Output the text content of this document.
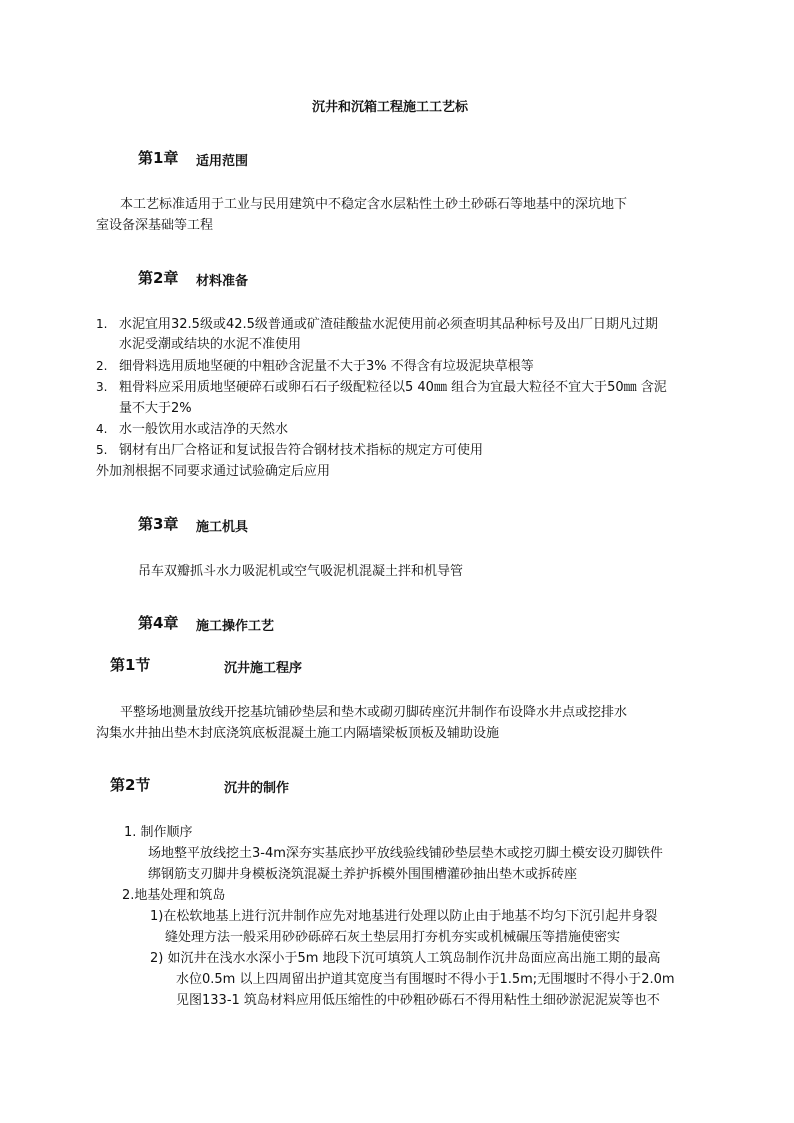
沉井和沉箱工程施工工艺标
第1章 适用范围
本工艺标准适用于工业与民用建筑中不稳定含水层粘性土砂土砂砾石等地基中的深坑地下
室设备深基础等工程
第2章 材料准备
1. 水泥宜用32.5级或42.5级普通或矿渣硅酸盐水泥使用前必须查明其品种标号及出厂日期凡过期
水泥受潮或结块的水泥不准使用
2. 细骨料选用质地坚硬的中粗砂含泥量不大于3% 不得含有垃圾泥块草根等
3. 粗骨料应采用质地坚硬碎石或卵石石子级配粒径以5 40㎜ 组合为宜最大粒径不宜大于50㎜ 含泥
量不大于2%
4. 水一般饮用水或洁净的天然水
5. 钢材有出厂合格证和复试报告符合钢材技术指标的规定方可使用
外加剂根据不同要求通过试验确定后应用
第3章 施工机具
吊车双瓣抓斗水力吸泥机或空气吸泥机混凝土拌和机导管
第4章 施工操作工艺
第1节	沉井施工程序
平整场地测量放线开挖基坑铺砂垫层和垫木或砌刃脚砖座沉井制作布设降水井点或挖排水
沟集水井抽出垫木封底浇筑底板混凝土施工内隔墙梁板顶板及辅助设施
第2节	沉井的制作
1. 制作顺序
场地整平放线挖土3-4m深夯实基底抄平放线验线铺砂垫层垫木或挖刃脚土模安设刃脚铁件
绑钢筋支刃脚井身模板浇筑混凝土养护拆模外围围槽灌砂抽出垫木或拆砖座
2.地基处理和筑岛
1)在松软地基上进行沉井制作应先对地基进行处理以防止由于地基不均匀下沉引起井身裂
缝处理方法一般采用砂砂砾碎石灰土垫层用打夯机夯实或机械碾压等措施使密实
2) 如沉井在浅水水深小于5m 地段下沉可填筑人工筑岛制作沉井岛面应高出施工期的最高
水位0.5m 以上四周留出护道其宽度当有围堰时不得小于1.5m;无围堰时不得小于2.0m
见图133-1 筑岛材料应用低压缩性的中砂粗砂砾石不得用粘性土细砂淤泥泥炭等也不
